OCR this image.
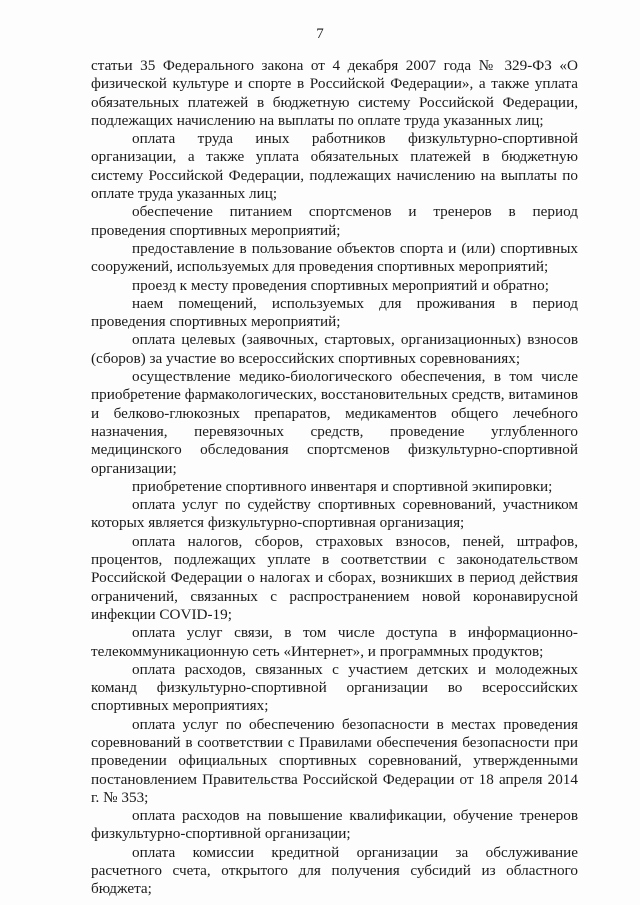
7

статьи 35 Федерального закона от 4 декабря 2007 года № 329-ФЗ «О физической культуре и спорте в Российской Федерации», а также уплата обязательных платежей в бюджетную систему Российской Федерации, подлежащих начислению на выплаты по оплате труда указанных лиц;

оплата труда иных работников физкультурно-спортивной организации, а также уплата обязательных платежей в бюджетную систему Российской Федерации, подлежащих начислению на выплаты по оплате труда указанных лиц;

обеспечение питанием спортсменов и тренеров в период проведения спортивных мероприятий;

предоставление в пользование объектов спорта и (или) спортивных сооружений, используемых для проведения спортивных мероприятий;

проезд к месту проведения спортивных мероприятий и обратно;

наем помещений, используемых для проживания в период проведения спортивных мероприятий;

оплата целевых (заявочных, стартовых, организационных) взносов (сборов) за участие во всероссийских спортивных соревнованиях;

осуществление медико-биологического обеспечения, в том числе приобретение фармакологических, восстановительных средств, витаминов и белково-глюкозных препаратов, медикаментов общего лечебного назначения, перевязочных средств, проведение углубленного медицинского обследования спортсменов физкультурно-спортивной организации;

приобретение спортивного инвентаря и спортивной экипировки;

оплата услуг по судейству спортивных соревнований, участником которых является физкультурно-спортивная организация;

оплата налогов, сборов, страховых взносов, пеней, штрафов, процентов, подлежащих уплате в соответствии с законодательством Российской Федерации о налогах и сборах, возникших в период действия ограничений, связанных с распространением новой коронавирусной инфекции COVID-19;

оплата услуг связи, в том числе доступа в информационно-телекоммуникационную сеть «Интернет», и программных продуктов;

оплата расходов, связанных с участием детских и молодежных команд физкультурно-спортивной организации во всероссийских спортивных мероприятиях;

оплата услуг по обеспечению безопасности в местах проведения соревнований в соответствии с Правилами обеспечения безопасности при проведении официальных спортивных соревнований, утвержденными постановлением Правительства Российской Федерации от 18 апреля 2014 г. № 353;

оплата расходов на повышение квалификации, обучение тренеров физкультурно-спортивной организации;

оплата комиссии кредитной организации за обслуживание расчетного счета, открытого для получения субсидий из областного бюджета;
